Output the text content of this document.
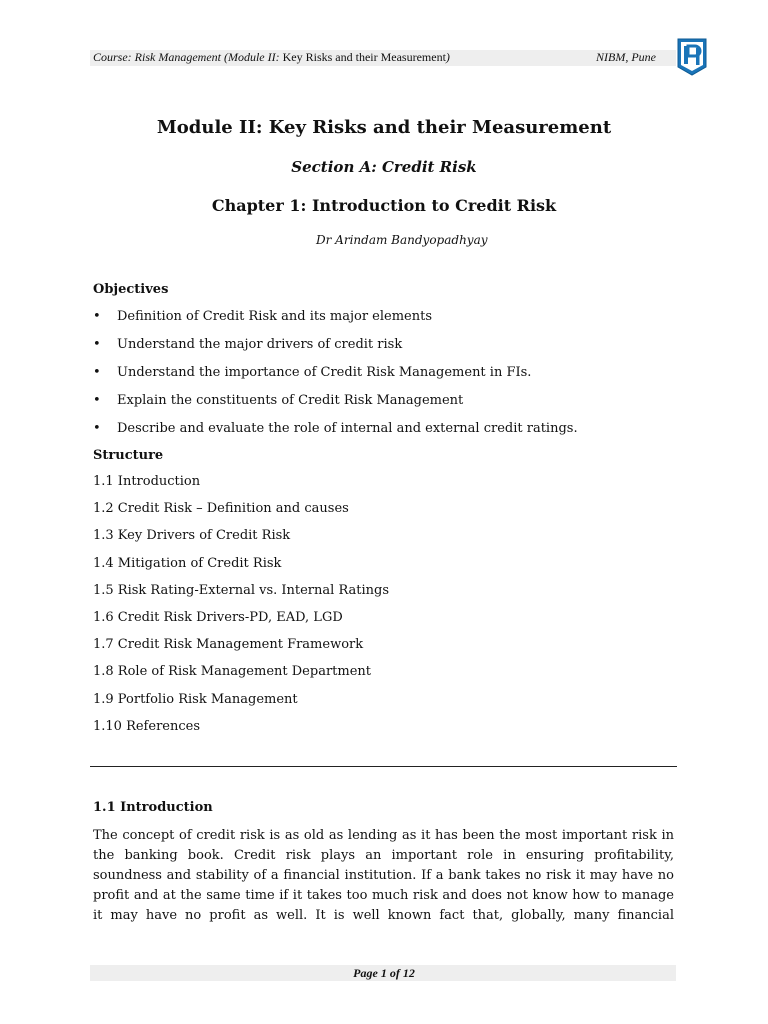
Course: Risk Management (Module II: Key Risks and their Measurement)	NIBM, Pune
Module II: Key Risks and their Measurement
Section A: Credit Risk
Chapter 1: Introduction to Credit Risk
Dr Arindam Bandyopadhyay
Objectives
• Definition of Credit Risk and its major elements
• Understand the major drivers of credit risk
• Understand the importance of Credit Risk Management in FIs.
• Explain the constituents of Credit Risk Management
• Describe and evaluate the role of internal and external credit ratings.
Structure
1.1 Introduction
1.2 Credit Risk – Definition and causes
1.3 Key Drivers of Credit Risk
1.4 Mitigation of Credit Risk
1.5 Risk Rating-External vs. Internal Ratings
1.6 Credit Risk Drivers-PD, EAD, LGD
1.7 Credit Risk Management Framework
1.8 Role of Risk Management Department
1.9 Portfolio Risk Management
1.10 References
1.1 Introduction
The concept of credit risk is as old as lending as it has been the most important risk in the banking book. Credit risk plays an important role in ensuring profitability, soundness and stability of a financial institution. If a bank takes no risk it may have no profit and at the same time if it takes too much risk and does not know how to manage it may have no profit as well. It is well known fact that, globally, many financial
Page 1 of 12
